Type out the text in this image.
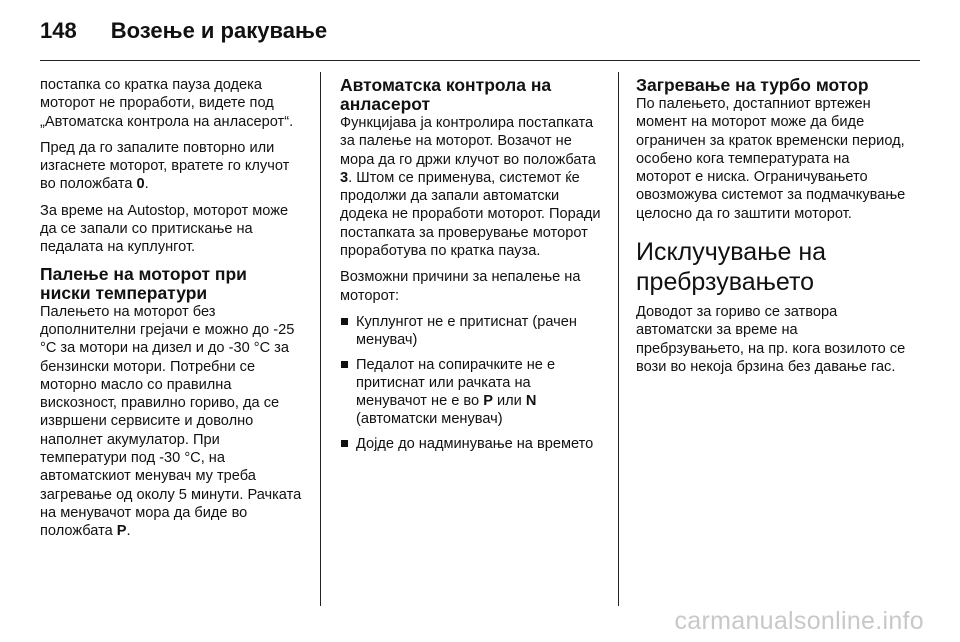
148 Возење и ракување

постапка со кратка пауза додека моторот не проработи, видете под „Автоматска контрола на анласерот“.

Пред да го запалите повторно или изгаснете моторот, вратете го клучот во положбата 0.

За време на Autostop, моторот може да се запали со притискање на педалата на куплунгот.

Палење на моторот при ниски температури

Палењето на моторот без дополнителни грејачи е можно до -25 °C за мотори на дизел и до -30 °C за бензински мотори. Потребни се моторно масло со правилна вискозност, правилно гориво, да се извршени сервисите и доволно наполнет акумулатор. При температури под -30 °C, на автоматскиот менувач му треба загревање од околу 5 минути. Рачката на менувачот мора да биде во положбата P.

Автоматска контрола на анласерот

Функцијава ја контролира постапката за палење на моторот. Возачот не мора да го држи клучот во положбата 3. Штом се применува, системот ќе продолжи да запали автоматски додека не проработи моторот. Поради постапката за проверување моторот проработува по кратка пауза.

Возможни причини за непалење на моторот:

Куплунгот не е притиснат (рачен менувач)
Педалот на сопирачките не е притиснат или рачката на менувачот не е во P или N (автоматски менувач)
Дојде до надминување на времето
Загревање на турбо мотор

По палењето, достапниот вртежен момент на моторот може да биде ограничен за краток временски период, особено кога температурата на моторот е ниска. Ограничувањето овозможува системот за подмачкување целосно да го заштити моторот.

Исклучување на пребрзувањето

Доводот за гориво се затвора автоматски за време на пребрзувањето, на пр. кога возилото се вози во некоја брзина без давање гас.

carmanualsonline.info
